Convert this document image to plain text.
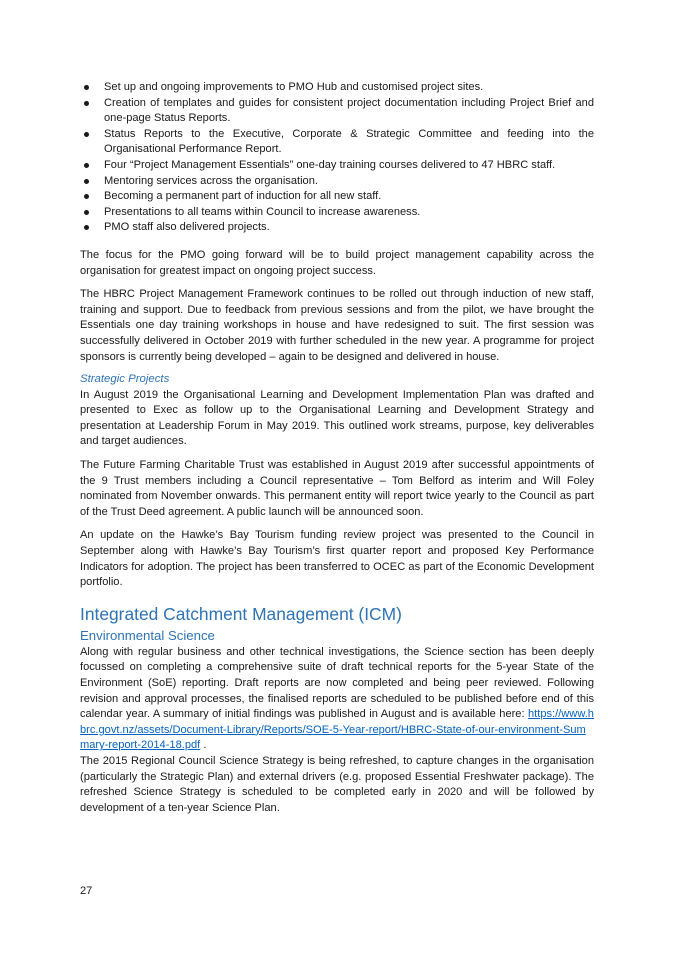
Set up and ongoing improvements to PMO Hub and customised project sites.
Creation of templates and guides for consistent project documentation including Project Brief and one-page Status Reports.
Status Reports to the Executive, Corporate & Strategic Committee and feeding into the Organisational Performance Report.
Four “Project Management Essentials” one-day training courses delivered to 47 HBRC staff.
Mentoring services across the organisation.
Becoming a permanent part of induction for all new staff.
Presentations to all teams within Council to increase awareness.
PMO staff also delivered projects.

The focus for the PMO going forward will be to build project management capability across the organisation for greatest impact on ongoing project success.

The HBRC Project Management Framework continues to be rolled out through induction of new staff, training and support. Due to feedback from previous sessions and from the pilot, we have brought the Essentials one day training workshops in house and have redesigned to suit. The first session was successfully delivered in October 2019 with further scheduled in the new year. A programme for project sponsors is currently being developed – again to be designed and delivered in house.

Strategic Projects

In August 2019 the Organisational Learning and Development Implementation Plan was drafted and presented to Exec as follow up to the Organisational Learning and Development Strategy and presentation at Leadership Forum in May 2019. This outlined work streams, purpose, key deliverables and target audiences.

The Future Farming Charitable Trust was established in August 2019 after successful appointments of the 9 Trust members including a Council representative – Tom Belford as interim and Will Foley nominated from November onwards. This permanent entity will report twice yearly to the Council as part of the Trust Deed agreement. A public launch will be announced soon.

An update on the Hawke’s Bay Tourism funding review project was presented to the Council in September along with Hawke’s Bay Tourism’s first quarter report and proposed Key Performance Indicators for adoption. The project has been transferred to OCEC as part of the Economic Development portfolio.

Integrated Catchment Management (ICM)
Environmental Science

Along with regular business and other technical investigations, the Science section has been deeply focussed on completing a comprehensive suite of draft technical reports for the 5-year State of the Environment (SoE) reporting. Draft reports are now completed and being peer reviewed. Following revision and approval processes, the finalised reports are scheduled to be published before end of this calendar year. A summary of initial findings was published in August and is available here: https://www.hbrc.govt.nz/assets/Document-Library/Reports/SOE-5-Year-report/HBRC-State-of-our-environment-Summary-report-2014-18.pdf .

The 2015 Regional Council Science Strategy is being refreshed, to capture changes in the organisation (particularly the Strategic Plan) and external drivers (e.g. proposed Essential Freshwater package). The refreshed Science Strategy is scheduled to be completed early in 2020 and will be followed by development of a ten-year Science Plan.

27
